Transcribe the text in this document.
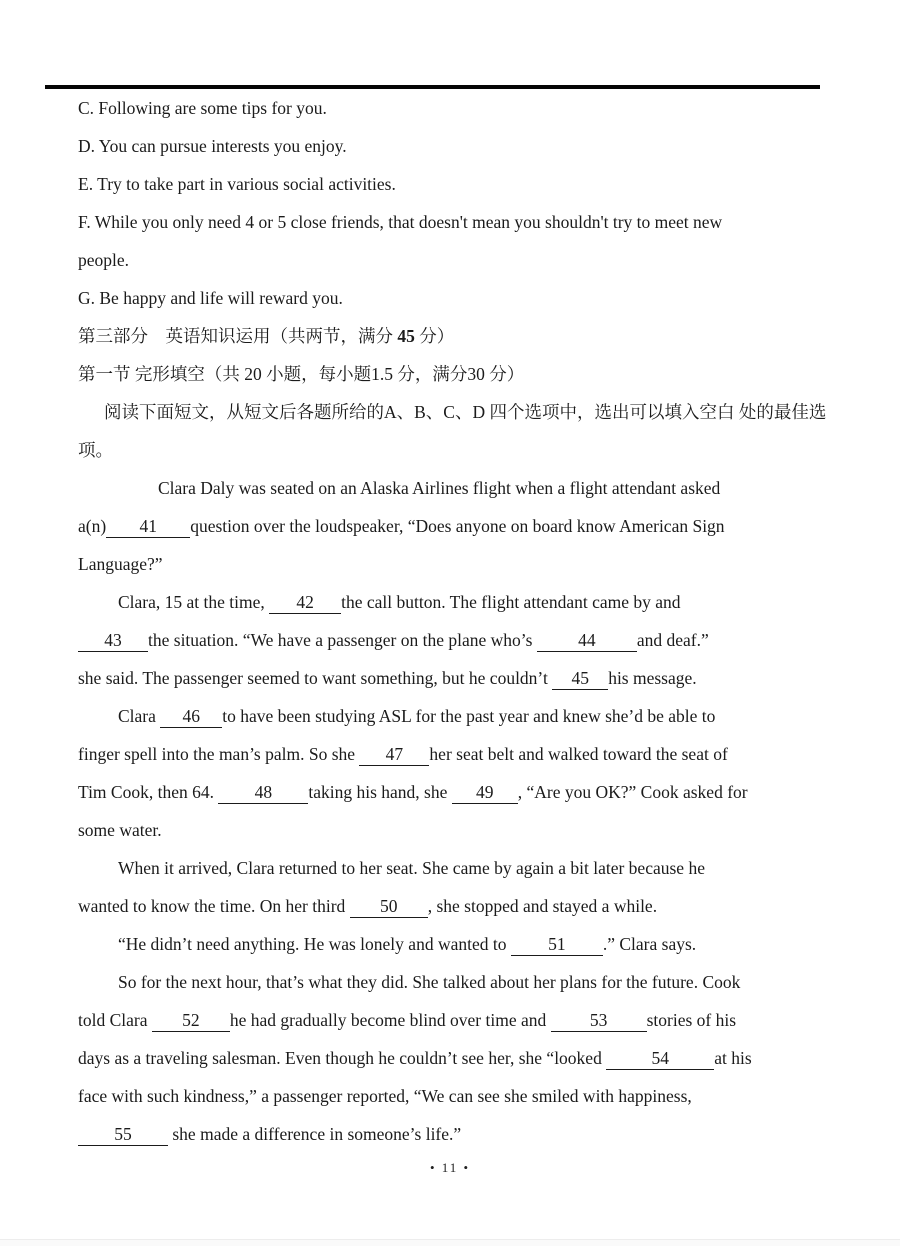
C. Following are some tips for you.
D. You can pursue interests you enjoy.
E. Try to take part in various social activities.
F. While you only need 4 or 5 close friends, that doesn't mean you shouldn't try to meet new
people.
G. Be happy and life will reward you.
第三部分　英语知识运用（共两节，满分 45 分）
第一节 完形填空（共 20 小题，每小题1.5 分，满分30 分）
阅读下面短文，从短文后各题所给的A、B、C、D 四个选项中，选出可以填入空白 处的最佳选
项。
Clara Daly was seated on an Alaska Airlines flight when a flight attendant asked
a(n) 41 question over the loudspeaker, “Does anyone on board know American Sign
Language?”
Clara, 15 at the time, 42 the call button. The flight attendant came by and
43 the situation. “We have a passenger on the plane who’s 44 and deaf.”
she said. The passenger seemed to want something, but he couldn’t 45 his message.
Clara 46 to have been studying ASL for the past year and knew she’d be able to
finger spell into the man’s palm. So she 47 her seat belt and walked toward the seat of
Tim Cook, then 64. 48 taking his hand, she 49 , “Are you OK?” Cook asked for
some water.
When it arrived, Clara returned to her seat. She came by again a bit later because he
wanted to know the time. On her third 50 , she stopped and stayed a while.
“He didn’t need anything. He was lonely and wanted to 51 .” Clara says.
So for the next hour, that’s what they did. She talked about her plans for the future. Cook
told Clara 52 he had gradually become blind over time and 53 stories of his
days as a traveling salesman. Even though he couldn’t see her, she “looked	54	at his
face with such kindness,” a passenger reported, “We can see she smiled with happiness,
55 she made a difference in someone’s life.”
• 11 •
